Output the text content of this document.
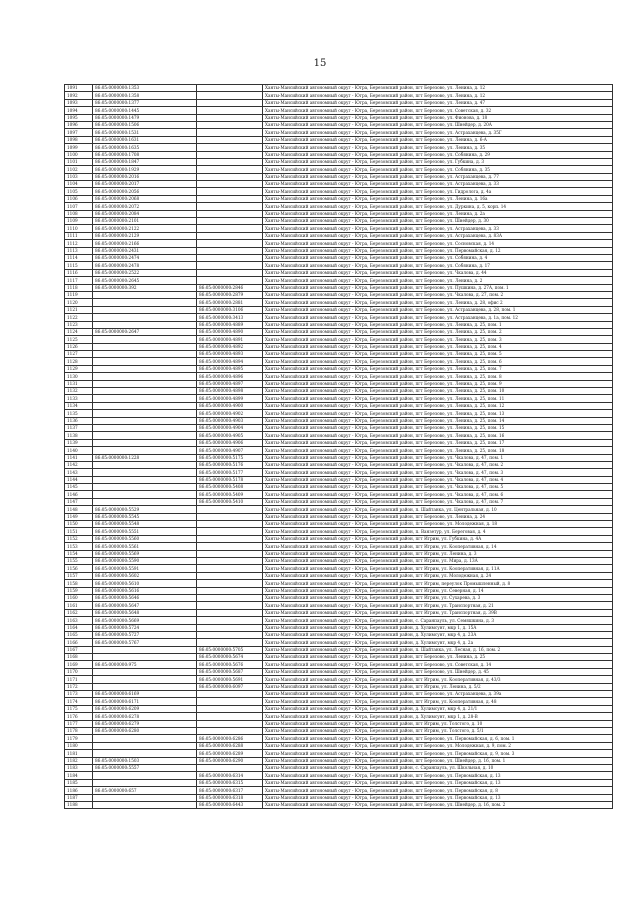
15
1091	86:05:0000000:1353		Ханты-Мансийский автономный округ - Югра, Березовский район, пгт Березово, ул. Ленина, д. 12
1092	86:05:0000000:1358		Ханты-Мансийский автономный округ - Югра, Березовский район, пгт Березово, ул. Ленина, д. 12
1093	86:05:0000000:1377		Ханты-Мансийский автономный округ - Югра, Березовский район, пгт Березово, ул. Ленина, д. 47
1094	86:05:0000000:1445		Ханты-Мансийский автономный округ - Югра, Березовский район, пгт Березово, ул. Советская, д. 32
1095	86:05:0000000:1479		Ханты-Мансийский автономный округ - Югра, Березовский район, пгт Березово, ул. Фионова, д. 18
1096	86:05:0000000:1506		Ханты-Мансийский автономный округ - Югра, Березовский район, пгт Березово, ул. Шнейдер, д. 20А
1097	86:05:0000000:1531		Ханты-Мансийский автономный округ - Югра, Березовский район, пгт Березово, ул. Астраханцева, д. 35Г
1098	86:05:0000000:1631		Ханты-Мансийский автономный округ - Югра, Березовский район, пгт Березово, ул. Ленина, д. 6-А
1099	86:05:0000000:1635		Ханты-Мансийский автономный округ - Югра, Березовский район, пгт Березово, ул. Ленина, д. 35
1100	86:05:0000000:1708		Ханты-Мансийский автономный округ - Югра, Березовский район, пгт Березово, ул. Собянина, д. 29
1101	86:05:0000000:1847		Ханты-Мансийский автономный округ - Югра, Березовский район, пгт Березово, ул. Губкина, д. 3
1102	86:05:0000000:1929		Ханты-Мансийский автономный округ - Югра, Березовский район, пгт Березово, ул. Собянина, д. 35
1103	86:05:0000000:2016		Ханты-Мансийский автономный округ - Югра, Березовский район, пгт Березово, ул. Астраханцева, д. 77
1104	86:05:0000000:2017		Ханты-Мансийский автономный округ - Югра, Березовский район, пгт Березово, ул. Астраханцева, д. 33
1105	86:05:0000000:2056		Ханты-Мансийский автономный округ - Югра, Березовский район, пгт Березово, ул. Гидролога, д. 4а
1106	86:05:0000000:2068		Ханты-Мансийский автономный округ - Югра, Березовский район, пгт Березово, ул. Ленина, д. 16а
1107	86:05:0000000:2072		Ханты-Мансийский автономный округ - Югра, Березовский район, пгт Березово, ул. Дуркина, д. 5, корп. 14
1108	86:05:0000000:2084		Ханты-Мансийский автономный округ - Югра, Березовский район, пгт Березово, ул. Ленина, д. 2а
1109	86:05:0000000:2101		Ханты-Мансийский автономный округ - Югра, Березовский район, пгт Березово, ул. Шнейдер, д. 30
1110	86:05:0000000:2122		Ханты-Мансийский автономный округ - Югра, Березовский район, пгт Березово, ул. Астраханцева, д. 33
1111	86:05:0000000:2129		Ханты-Мансийский автономный округ - Югра, Березовский район, пгт Березово, ул. Астраханцева, д. 83А
1112	86:05:0000000:2166		Ханты-Мансийский автономный округ - Югра, Березовский район, пгт Березово, ул. Сосновская, д. 14
1113	86:05:0000000:2431		Ханты-Мансийский автономный округ - Югра, Березовский район, пгт Березово, ул. Первомайская, д. 12
1114	86:05:0000000:2474		Ханты-Мансийский автономный округ - Югра, Березовский район, пгт Березово, ул. Собянина, д. 4
1115	86:05:0000000:2478		Ханты-Мансийский автономный округ - Югра, Березовский район, пгт Березово, ул. Собянина, д. 17
1116	86:05:0000000:2522		Ханты-Мансийский автономный округ - Югра, Березовский район, пгт Березово, ул. Чкалова, д. 44
1117	86:05:0000000:2645		Ханты-Мансийский автономный округ - Югра, Березовский район, пгт Березово, ул. Ленина, д. 2
1118	86:05:0000000:392	86:05:0000000:2846	Ханты-Мансийский автономный округ - Югра, Березовский район, пгт Березово, ул. Пушкина, д. 27А, пом. 1
1119		86:05:0000000:2879	Ханты-Мансийский автономный округ - Югра, Березовский район, пгт Березово, ул. Чкалова, д. 27, пом. 2
1120		86:05:0000000:2881	Ханты-Мансийский автономный округ - Югра, Березовский район, пгт Березово, ул. Ленина, д. 28, офис 2
1121		86:05:0000000:3106	Ханты-Мансийский автономный округ - Югра, Березовский район, пгт Березово, ул. Астраханцева, д. 28, пом. 1
1122		86:05:0000000:3413	Ханты-Мансийский автономный округ - Югра, Березовский район, пгт Березово, ул. Астраханцева, д. 1а, пом. 12
1123		86:05:0000000:4889	Ханты-Мансийский автономный округ - Югра, Березовский район, пгт Березово, ул. Ленина, д. 25, пом. 1
1124	86:05:0000000:2647	86:05:0000000:4890	Ханты-Мансийский автономный округ - Югра, Березовский район, пгт Березово, ул. Ленина, д. 25, пом. 2
1125		86:05:0000000:4891	Ханты-Мансийский автономный округ - Югра, Березовский район, пгт Березово, ул. Ленина, д. 25, пом. 3
1126		86:05:0000000:4892	Ханты-Мансийский автономный округ - Югра, Березовский район, пгт Березово, ул. Ленина, д. 25, пом. 4
1127		86:05:0000000:4893	Ханты-Мансийский автономный округ - Югра, Березовский район, пгт Березово, ул. Ленина, д. 25, пом. 5
1128		86:05:0000000:4894	Ханты-Мансийский автономный округ - Югра, Березовский район, пгт Березово, ул. Ленина, д. 25, пом. 6
1129		86:05:0000000:4895	Ханты-Мансийский автономный округ - Югра, Березовский район, пгт Березово, ул. Ленина, д. 25, пом. 7
1130		86:05:0000000:4896	Ханты-Мансийский автономный округ - Югра, Березовский район, пгт Березово, ул. Ленина, д. 25, пом. 8
1131		86:05:0000000:4897	Ханты-Мансийский автономный округ - Югра, Березовский район, пгт Березово, ул. Ленина, д. 25, пом. 9
1132		86:05:0000000:4898	Ханты-Мансийский автономный округ - Югра, Березовский район, пгт Березово, ул. Ленина, д. 25, пом. 10
1133		86:05:0000000:4899	Ханты-Мансийский автономный округ - Югра, Березовский район, пгт Березово, ул. Ленина, д. 25, пом. 11
1134		86:05:0000000:4900	Ханты-Мансийский автономный округ - Югра, Березовский район, пгт Березово, ул. Ленина, д. 25, пом. 12
1135		86:05:0000000:4902	Ханты-Мансийский автономный округ - Югра, Березовский район, пгт Березово, ул. Ленина, д. 25, пом. 13
1136		86:05:0000000:4903	Ханты-Мансийский автономный округ - Югра, Березовский район, пгт Березово, ул. Ленина, д. 25, пом. 14
1137		86:05:0000000:4904	Ханты-Мансийский автономный округ - Югра, Березовский район, пгт Березово, ул. Ленина, д. 25, пом. 15
1138		86:05:0000000:4905	Ханты-Мансийский автономный округ - Югра, Березовский район, пгт Березово, ул. Ленина, д. 25, пом. 16
1139		86:05:0000000:4906	Ханты-Мансийский автономный округ - Югра, Березовский район, пгт Березово, ул. Ленина, д. 25, пом. 17
1140		86:05:0000000:4907	Ханты-Мансийский автономный округ - Югра, Березовский район, пгт Березово, ул. Ленина, д. 25, пом. 18
1141	86:05:0000000:1228	86:05:0000000:5175	Ханты-Мансийский автономный округ - Югра, Березовский район, пгт Березово, ул. Чкалова, д. 47, пом. 1
1142		86:05:0000000:5176	Ханты-Мансийский автономный округ - Югра, Березовский район, пгт Березово, ул. Чкалова, д. 47, пом. 2
1143		86:05:0000000:5177	Ханты-Мансийский автономный округ - Югра, Березовский район, пгт Березово, ул. Чкалова, д. 47, пом. 3
1144		86:05:0000000:5178	Ханты-Мансийский автономный округ - Югра, Березовский район, пгт Березово, ул. Чкалова, д. 47, пом. 4
1145		86:05:0000000:5408	Ханты-Мансийский автономный округ - Югра, Березовский район, пгт Березово, ул. Чкалова, д. 47, пом. 5
1146		86:05:0000000:5409	Ханты-Мансийский автономный округ - Югра, Березовский район, пгт Березово, ул. Чкалова, д. 47, пом. 6
1147		86:05:0000000:5410	Ханты-Мансийский автономный округ - Югра, Березовский район, пгт Березово, ул. Чкалова, д. 47, пом. 7
1148	86:05:0000000:5529		Ханты-Мансийский автономный округ - Югра, Березовский район, п. Шайтанка, ул. Центральная, д. 10
1149	86:05:0000000:5545		Ханты-Мансийский автономный округ - Югра, Березовский район, пгт Березово, ул. Ленина, д. 24
1150	86:05:0000000:5548		Ханты-Мансийский автономный округ - Югра, Березовский район, пгт Березово, ул. Молодежная, д. 18
1151	86:05:0000000:5551		Ханты-Мансийский автономный округ - Югра, Березовский район, п. Ванзетур, ул. Береговая, д. 4
1152	86:05:0000000:5560		Ханты-Мансийский автономный округ - Югра, Березовский район, пгт Игрим, ул. Губкина, д. 4А
1153	86:05:0000000:5561		Ханты-Мансийский автономный округ - Югра, Березовский район, пгт Игрим, ул. Кооперативная, д. 14
1154	86:05:0000000:5569		Ханты-Мансийский автономный округ - Югра, Березовский район, пгт Игрим, ул. Ленина, д. 3
1155	86:05:0000000:5590		Ханты-Мансийский автономный округ - Югра, Березовский район, пгт Игрим, ул. Мира, д. 13А
1156	86:05:0000000:5591		Ханты-Мансийский автономный округ - Югра, Березовский район, пгт Игрим, ул. Кооперативная, д. 11А
1157	86:05:0000000:5602		Ханты-Мансийский автономный округ - Югра, Березовский район, пгт Игрим, ул. Молодежная, д. 24
1158	86:05:0000000:5610		Ханты-Мансийский автономный округ - Югра, Березовский район, пгт Игрим, переулок Промышленный, д. 8
1159	86:05:0000000:5616		Ханты-Мансийский автономный округ - Югра, Березовский район, пгт Игрим, ул. Северная, д. 14
1160	86:05:0000000:5646		Ханты-Мансийский автономный округ - Югра, Березовский район, пгт Игрим, ул. Сухарева, д. 3
1161	86:05:0000000:5647		Ханты-Мансийский автономный округ - Югра, Березовский район, пгт Игрим, ул. Транспортная, д. 21
1162	86:05:0000000:5648		Ханты-Мансийский автономный округ - Югра, Березовский район, пгт Игрим, ул. Транспортная, д. 39В
1163	86:05:0000000:5669		Ханты-Мансийский автономный округ - Югра, Березовский район, с. Саранпауль, ул. Семяшкина, д. 3
1164	86:05:0000000:5724		Ханты-Мансийский автономный округ - Югра, Березовский район, д. Хулимсунт, мкр 1, д. 15А
1165	86:05:0000000:5727		Ханты-Мансийский автономный округ - Югра, Березовский район, д. Хулимсунт, мкр 4, д. 23А
1166	86:05:0000000:5767		Ханты-Мансийский автономный округ - Югра, Березовский район, д. Хулимсунт, мкр 4, д. 2а
1167		86:05:0000000:5705	Ханты-Мансийский автономный округ - Югра, Березовский район, п. Шайтанка, ул. Лесная, д. 16, пом. 2
1168		86:05:0000000:5674	Ханты-Мансийский автономный округ - Югра, Березовский район, пгт Березово, ул. Ленина, д. 25
1169	86:05:0000000:975	86:05:0000000:5676	Ханты-Мансийский автономный округ - Югра, Березовский район, пгт Березово, ул. Советская, д. 14
1170		86:05:0000000:5687	Ханты-Мансийский автономный округ - Югра, Березовский район, пгт Березово, ул. Шнейдер, д. 45
1171		86:05:0000000:5691	Ханты-Мансийский автономный округ - Югра, Березовский район, пгт Игрим, ул. Кооперативная, д. 43/3
1172		86:05:0000000:6097	Ханты-Мансийский автономный округ - Югра, Березовский район, пгт Игрим, ул. Ленина, д. 5/2
1173	86:05:0000000:6169		Ханты-Мансийский автономный округ - Югра, Березовский район, пгт Березово, ул. Астраханцева, д. 39а
1174	86:05:0000000:6171		Ханты-Мансийский автономный округ - Югра, Березовский район, пгт Игрим, ул. Кооперативная, д. 48
1175	86:05:0000000:6209		Ханты-Мансийский автономный округ - Югра, Березовский район, д. Хулимсунт, мкр 4, д. 21/1
1176	86:05:0000000:6278		Ханты-Мансийский автономный округ - Югра, Березовский район, д. Хулимсунт, мкр 1, д. 28-В
1177	86:05:0000000:6279		Ханты-Мансийский автономный округ - Югра, Березовский район, пгт Игрим, ул. Толстого, д. 10
1178	86:05:0000000:6280		Ханты-Мансийский автономный округ - Югра, Березовский район, пгт Игрим, ул. Толстого, д. 5/1
1179		86:05:0000000:6286	Ханты-Мансийский автономный округ - Югра, Березовский район, пгт Березово, ул. Первомайская, д. 6, пом. 1
1180		86:05:0000000:6288	Ханты-Мансийский автономный округ - Югра, Березовский район, пгт Березово, ул. Молодежная, д. 9, пом. 2
1181		86:05:0000000:6289	Ханты-Мансийский автономный округ - Югра, Березовский район, пгт Березово, ул. Первомайская, д. 9, пом. 3
1182	86:05:0000000:1503	86:05:0000000:6290	Ханты-Мансийский автономный округ - Югра, Березовский район, пгт Березово, ул. Шнейдер, д. 16, пом. 1
1183	86:05:0000000:5557		Ханты-Мансийский автономный округ - Югра, Березовский район, с. Саранпауль, ул. Школьная, д. 10
1184		86:05:0000000:6314	Ханты-Мансийский автономный округ - Югра, Березовский район, пгт Березово, ул. Первомайская, д. 13
1185		86:05:0000000:6315	Ханты-Мансийский автономный округ - Югра, Березовский район, пгт Березово, ул. Первомайская, д. 13
1186	86:05:0000000:657	86:05:0000000:6317	Ханты-Мансийский автономный округ - Югра, Березовский район, пгт Березово, ул. Первомайская, д. 8
1187		86:05:0000000:6318	Ханты-Мансийский автономный округ - Югра, Березовский район, пгт Березово, ул. Первомайская, д. 13
1188		86:05:0000000:6443	Ханты-Мансийский автономный округ - Югра, Березовский район, пгт Березово, ул. Шнейдер, д. 16, пом. 2
